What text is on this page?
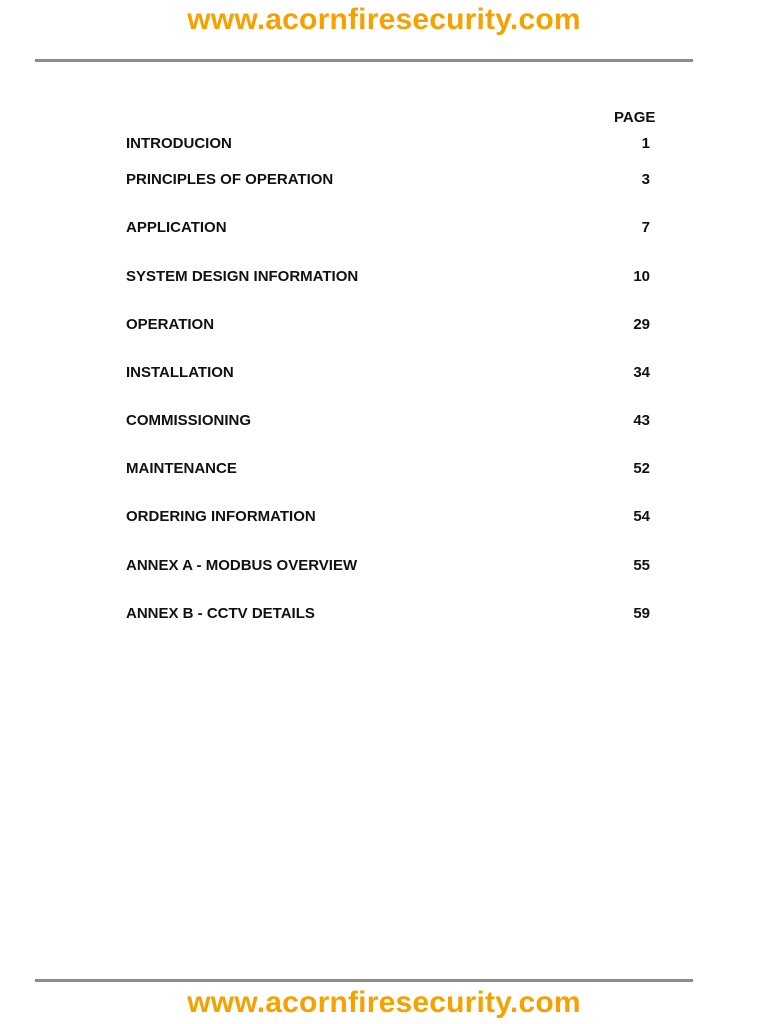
www.acornfiresecurity.com
PAGE
INTRODUCION	1
PRINCIPLES OF OPERATION	3
APPLICATION	7
SYSTEM DESIGN INFORMATION	10
OPERATION	29
INSTALLATION	34
COMMISSIONING	43
MAINTENANCE	52
ORDERING INFORMATION	54
ANNEX A - MODBUS OVERVIEW	55
ANNEX B - CCTV DETAILS	59
www.acornfiresecurity.com
